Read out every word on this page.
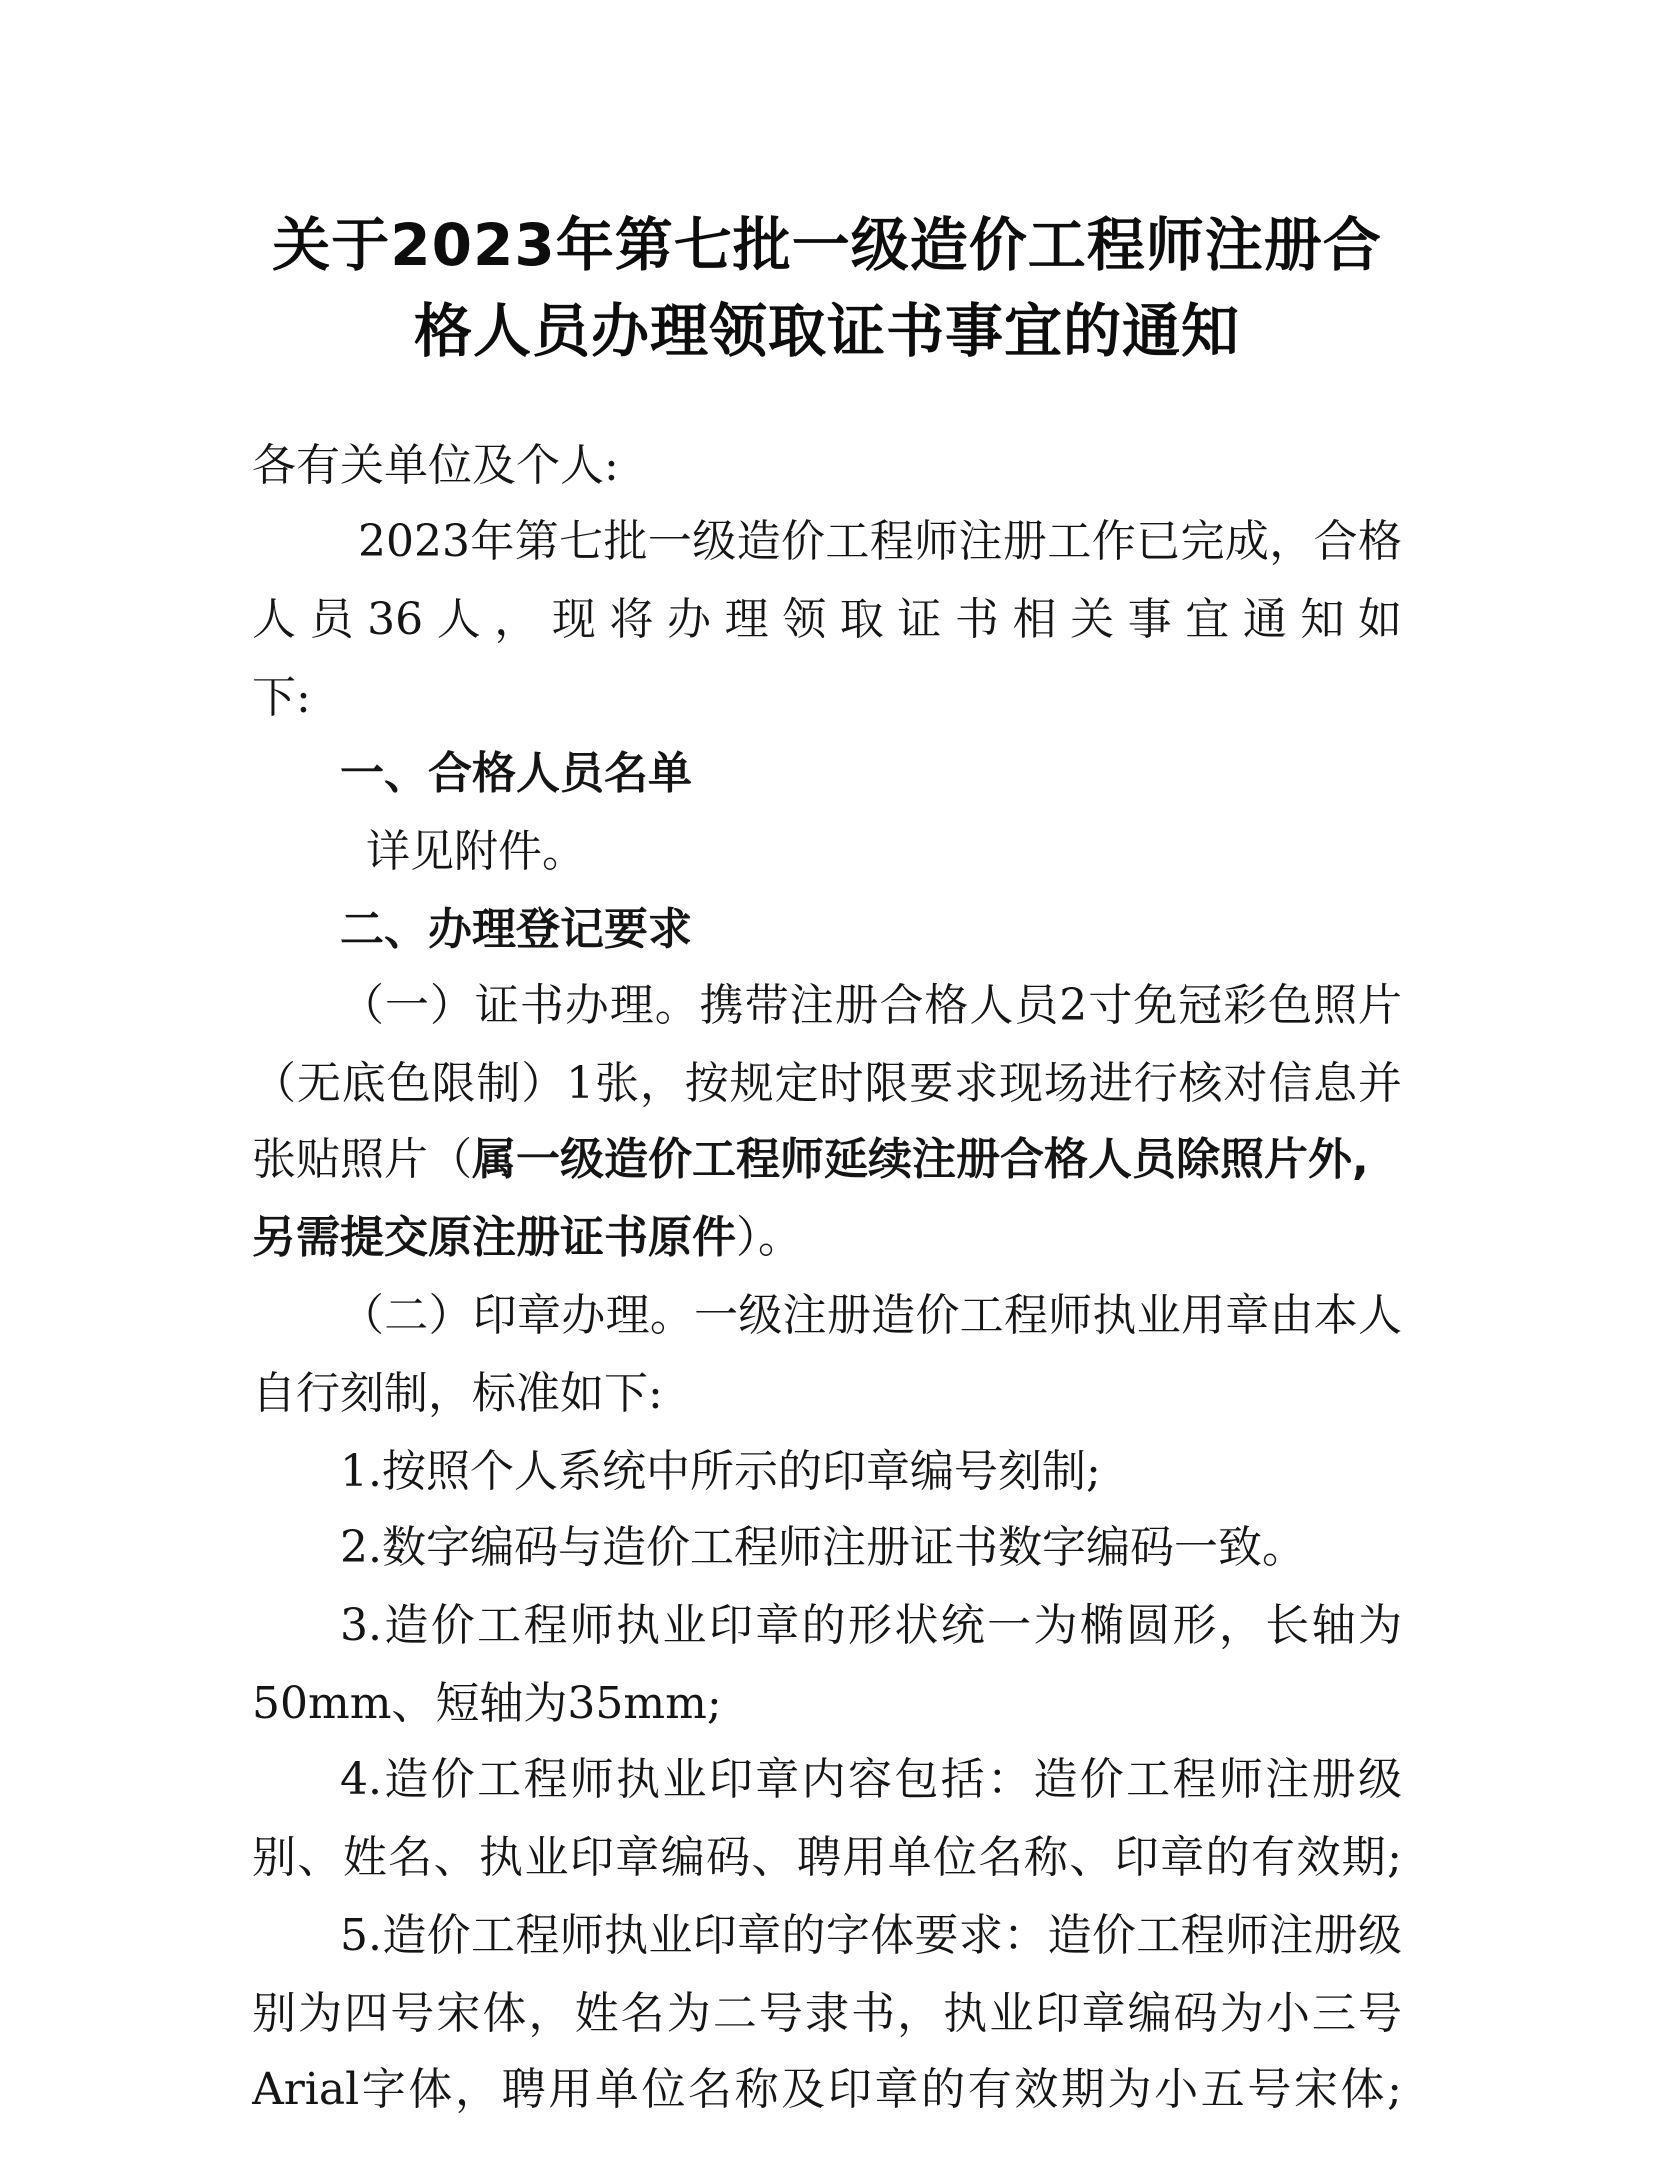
关于2023年第七批一级造价工程师注册合
格人员办理领取证书事宜的通知
各有关单位及个人:
2023年第七批一级造价工程师注册工作已完成，合格
人员36人，现将办理领取证书相关事宜通知如
下:
一、合格人员名单
详见附件。
二、办理登记要求
（一）证书办理。携带注册合格人员2寸免冠彩色照片
（无底色限制）1张，按规定时限要求现场进行核对信息并
张贴照片（属一级造价工程师延续注册合格人员除照片外,
另需提交原注册证书原件）。
（二）印章办理。一级注册造价工程师执业用章由本人
自行刻制，标准如下:
1.按照个人系统中所示的印章编号刻制;
2.数字编码与造价工程师注册证书数字编码一致。
3.造价工程师执业印章的形状统一为椭圆形，长轴为
50mm、短轴为35mm;
4.造价工程师执业印章内容包括：造价工程师注册级
别、姓名、执业印章编码、聘用单位名称、印章的有效期;
5.造价工程师执业印章的字体要求：造价工程师注册级
别为四号宋体，姓名为二号隶书，执业印章编码为小三号
Arial字体，聘用单位名称及印章的有效期为小五号宋体;
